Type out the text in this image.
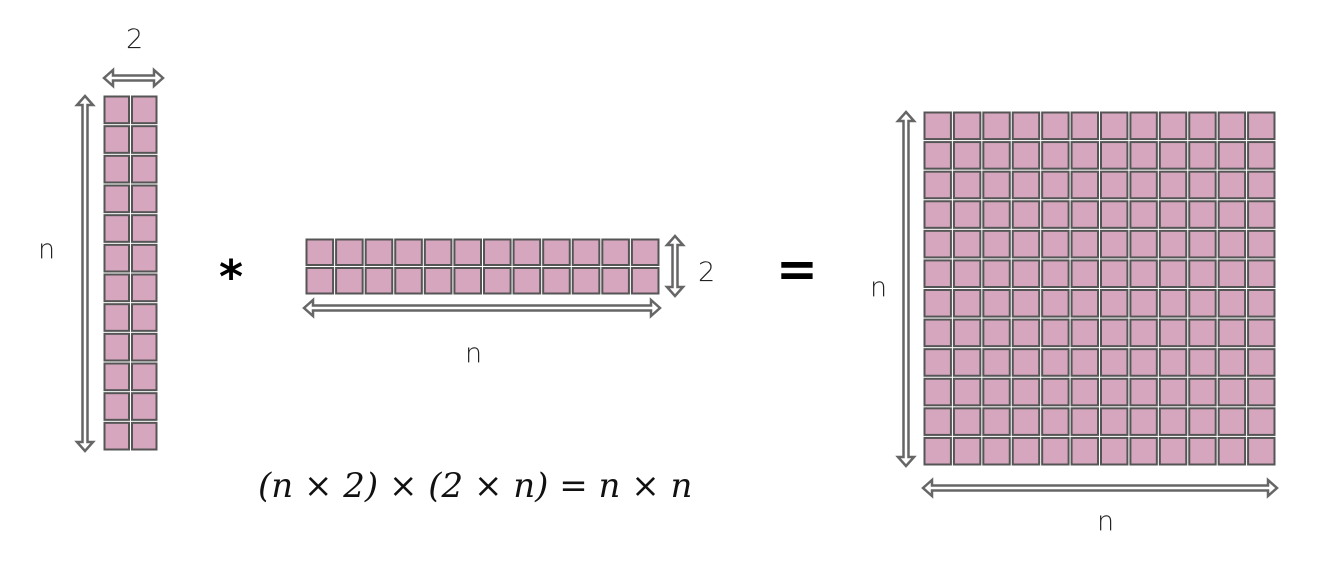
2
n
*	2
n
= n
n
(n × 2) × (2 × n) = n × n
